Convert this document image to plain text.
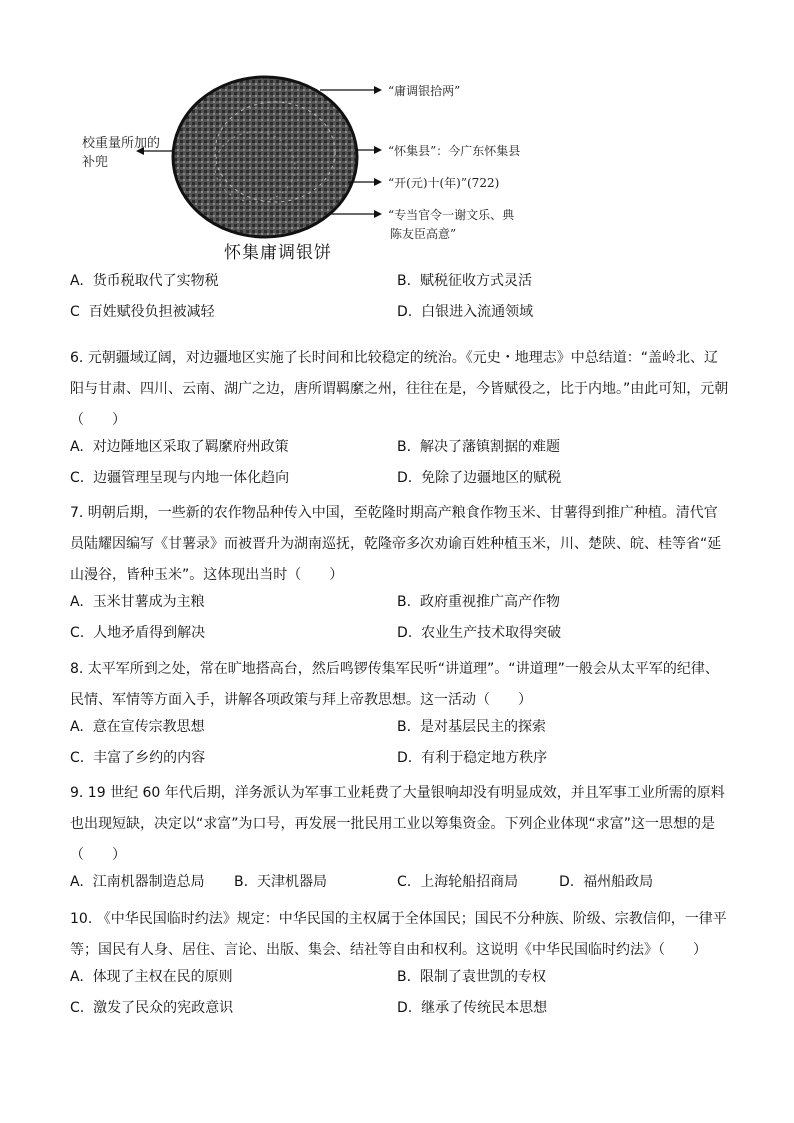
校重量所加的补兜
“庸调银拾两”
“怀集县”：今广东怀集县
“开(元)十(年)”(722)
“专当官令一谢文乐、典
陈友臣高意”
怀集庸调银饼
A. 货币税取代了实物税	B. 赋税征收方式灵活
C 百姓赋役负担被减轻	D. 白银进入流通领域

6. 元朝疆域辽阔，对边疆地区实施了长时间和比较稳定的统治。《元史・地理志》中总结道：“盖岭北、辽阳与甘肃、四川、云南、湖广之边，唐所谓羁縻之州，往往在是，今皆赋役之，比于内地。”由此可知，元朝（　　）

A. 对边陲地区采取了羁縻府州政策	B. 解决了藩镇割据的难题
C. 边疆管理呈现与内地一体化趋向	D. 免除了边疆地区的赋税

7. 明朝后期，一些新的农作物品种传入中国，至乾隆时期高产粮食作物玉米、甘薯得到推广种植。清代官员陆耀因编写《甘薯录》而被晋升为湖南巡抚，乾隆帝多次劝谕百姓种植玉米，川、楚陕、皖、桂等省“延山漫谷，皆种玉米”。这体现出当时（　　）

A. 玉米甘薯成为主粮	B. 政府重视推广高产作物
C. 人地矛盾得到解决	D. 农业生产技术取得突破

8. 太平军所到之处，常在旷地搭高台，然后鸣锣传集军民听“讲道理”。“讲道理”一般会从太平军的纪律、民情、军情等方面入手，讲解各项政策与拜上帝教思想。这一活动（　　）

A. 意在宣传宗教思想	B. 是对基层民主的探索
C. 丰富了乡约的内容	D. 有利于稳定地方秩序

9. 19 世纪 60 年代后期，洋务派认为军事工业耗费了大量银响却没有明显成效，并且军事工业所需的原料也出现短缺，决定以“求富”为口号，再发展一批民用工业以筹集资金。下列企业体现“求富”这一思想的是（　　）

A. 江南机器制造总局 B. 天津机器局	C. 上海轮船招商局	D. 福州船政局

10. 《中华民国临时约法》规定：中华民国的主权属于全体国民；国民不分种族、阶级、宗教信仰，一律平等；国民有人身、居住、言论、出版、集会、结社等自由和权利。这说明《中华民国临时约法》（　　）

A. 体现了主权在民的原则	B. 限制了袁世凯的专权
C. 激发了民众的宪政意识	D. 继承了传统民本思想
